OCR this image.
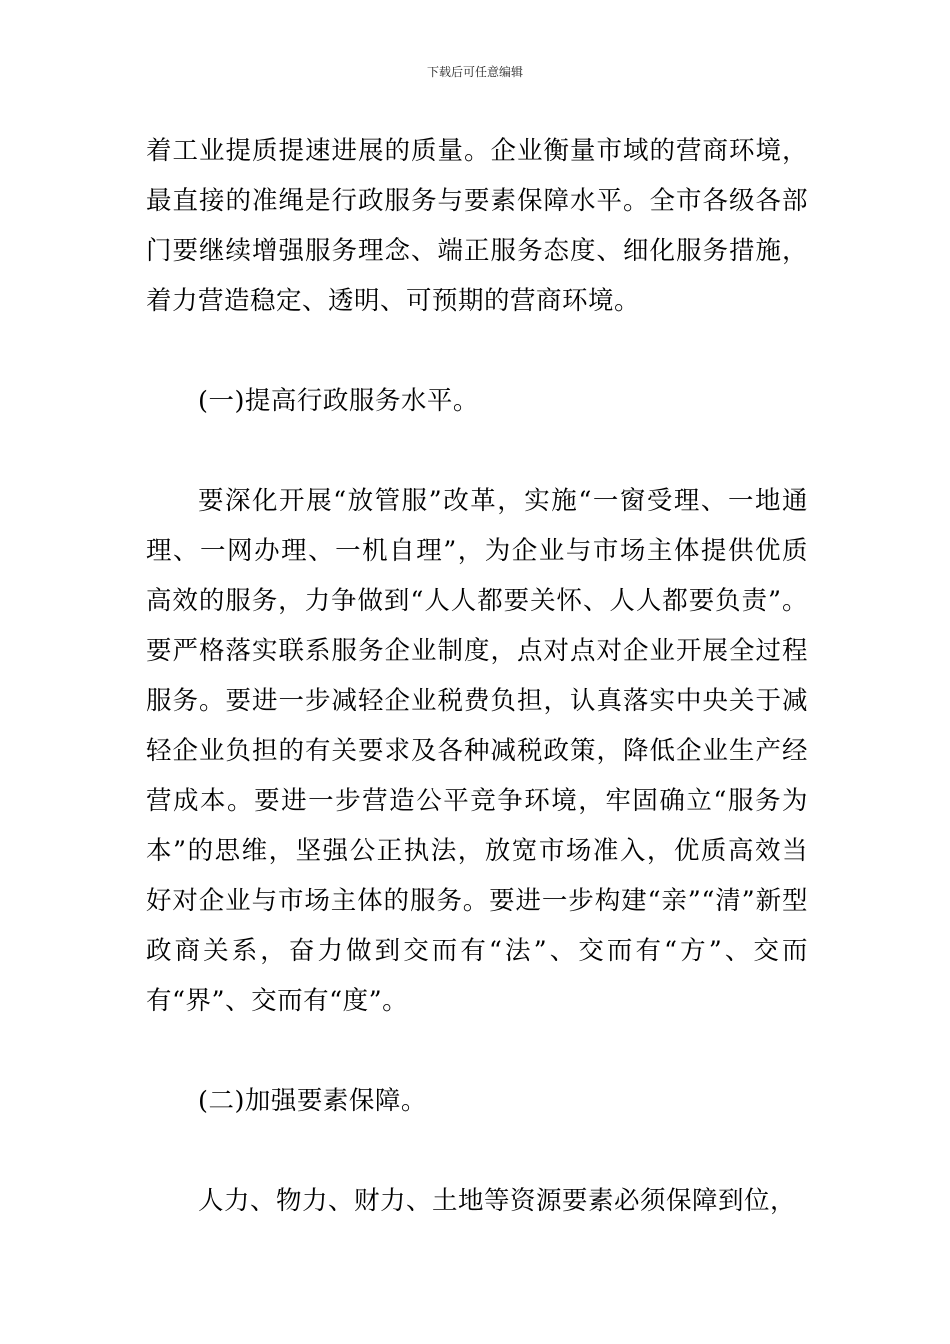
下载后可任意编辑

着工业提质提速进展的质量。企业衡量市域的营商环境，最直接的准绳是行政服务与要素保障水平。全市各级各部门要继续增强服务理念、端正服务态度、细化服务措施，着力营造稳定、透明、可预期的营商环境。

(一)提高行政服务水平。

要深化开展“放管服”改革，实施“一窗受理、一地通理、一网办理、一机自理”，为企业与市场主体提供优质高效的服务，力争做到“人人都要关怀、人人都要负责”。要严格落实联系服务企业制度，点对点对企业开展全过程服务。要进一步减轻企业税费负担，认真落实中央关于减轻企业负担的有关要求及各种减税政策，降低企业生产经营成本。要进一步营造公平竞争环境，牢固确立“服务为本”的思维，坚强公正执法，放宽市场准入，优质高效当好对企业与市场主体的服务。要进一步构建“亲”“清”新型政商关系，奋力做到交而有“法”、交而有“方”、交而有“界”、交而有“度”。

(二)加强要素保障。

人力、物力、财力、土地等资源要素必须保障到位，
